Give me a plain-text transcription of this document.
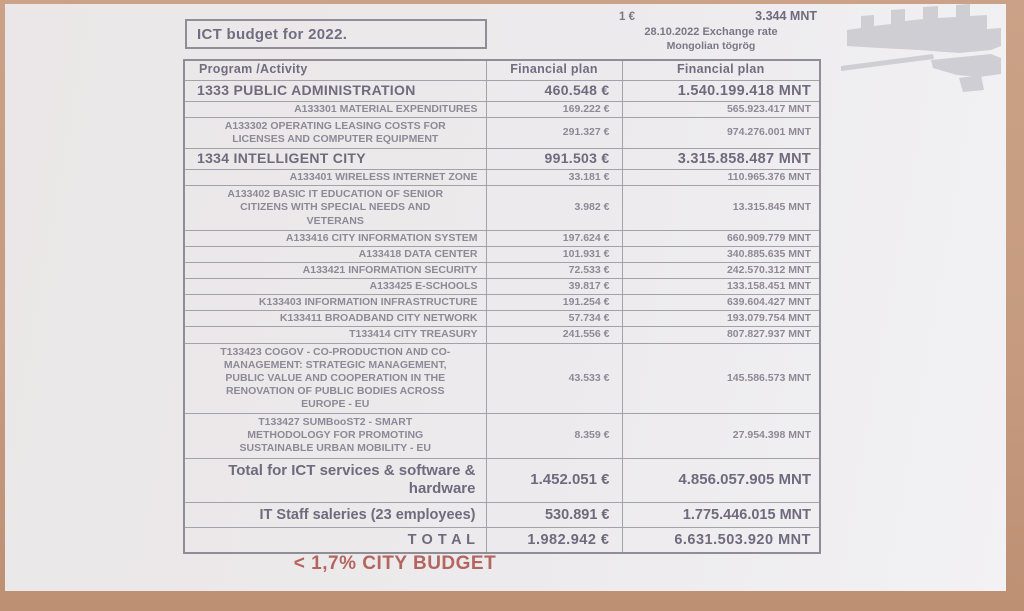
ICT budget for 2022.
1 €	3.344 MNT
28.10.2022 Exchange rate
Mongolian tögrög
Program /Activity	Financial plan	Financial plan
1333 PUBLIC ADMINISTRATION	460.548 €	1.540.199.418 MNT
A133301 MATERIAL EXPENDITURES	169.222 €	565.923.417 MNT
A133302 OPERATING LEASING COSTS FOR LICENSES AND COMPUTER EQUIPMENT	291.327 €	974.276.001 MNT
1334 INTELLIGENT CITY	991.503 €	3.315.858.487 MNT
A133401 WIRELESS INTERNET ZONE	33.181 €	110.965.376 MNT
A133402 BASIC IT EDUCATION OF SENIOR CITIZENS WITH SPECIAL NEEDS AND VETERANS	3.982 €	13.315.845 MNT
A133416 CITY INFORMATION SYSTEM	197.624 €	660.909.779 MNT
A133418 DATA CENTER	101.931 €	340.885.635 MNT
A133421 INFORMATION SECURITY	72.533 €	242.570.312 MNT
A133425 E-SCHOOLS	39.817 €	133.158.451 MNT
K133403 INFORMATION INFRASTRUCTURE	191.254 €	639.604.427 MNT
K133411 BROADBAND CITY NETWORK	57.734 €	193.079.754 MNT
T133414 CITY TREASURY	241.556 €	807.827.937 MNT
T133423 COGOV - CO-PRODUCTION AND CO-MANAGEMENT: STRATEGIC MANAGEMENT, PUBLIC VALUE AND COOPERATION IN THE RENOVATION OF PUBLIC BODIES ACROSS EUROPE - EU	43.533 €	145.586.573 MNT
T133427 SUMBooST2 - SMART METHODOLOGY FOR PROMOTING SUSTAINABLE URBAN MOBILITY - EU	8.359 €	27.954.398 MNT
Total for ICT services & software & hardware	1.452.051 €	4.856.057.905 MNT
IT Staff saleries (23 employees)	530.891 €	1.775.446.015 MNT
T O T A L	1.982.942 €	6.631.503.920 MNT
< 1,7% CITY BUDGET
